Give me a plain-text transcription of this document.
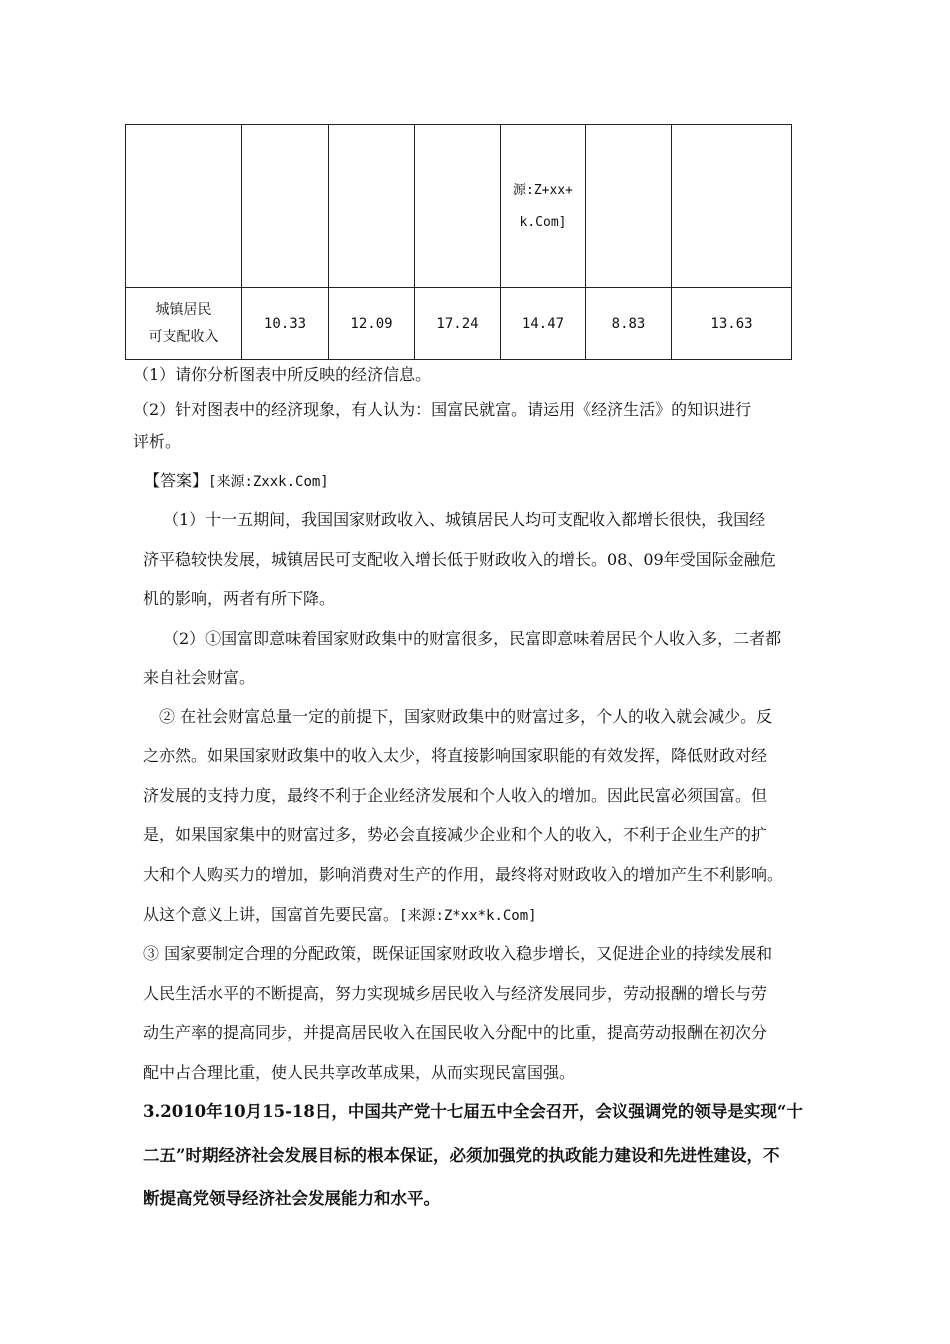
				源:Z+xx+k.Com]		

城镇居民
可支配收入	10.33	12.09	17.24	14.47	8.83	13.63
（1）请你分析图表中所反映的经济信息。
（2）针对图表中的经济现象，有人认为：国富民就富。请运用《经济生活》的知识进行
评析。
【答案】[来源:Zxxk.Com]
（1）十一五期间，我国国家财政收入、城镇居民人均可支配收入都增长很快，我国经
济平稳较快发展，城镇居民可支配收入增长低于财政收入的增长。08、09年受国际金融危
机的影响，两者有所下降。
（2）①国富即意味着国家财政集中的财富很多，民富即意味着居民个人收入多，二者都
来自社会财富。
② 在社会财富总量一定的前提下，国家财政集中的财富过多，个人的收入就会减少。反
之亦然。如果国家财政集中的收入太少，将直接影响国家职能的有效发挥，降低财政对经
济发展的支持力度，最终不利于企业经济发展和个人收入的增加。因此民富必须国富。但
是，如果国家集中的财富过多，势必会直接减少企业和个人的收入，不利于企业生产的扩
大和个人购买力的增加，影响消费对生产的作用，最终将对财政收入的增加产生不利影响。
从这个意义上讲，国富首先要民富。[来源:Z*xx*k.Com]
③ 国家要制定合理的分配政策，既保证国家财政收入稳步增长，又促进企业的持续发展和
人民生活水平的不断提高，努力实现城乡居民收入与经济发展同步，劳动报酬的增长与劳
动生产率的提高同步，并提高居民收入在国民收入分配中的比重，提高劳动报酬在初次分
配中占合理比重，使人民共享改革成果，从而实现民富国强。
3.2010年10月15-18日，中国共产党十七届五中全会召开，会议强调党的领导是实现“十
二五”时期经济社会发展目标的根本保证，必须加强党的执政能力建设和先进性建设，不
断提高党领导经济社会发展能力和水平。
